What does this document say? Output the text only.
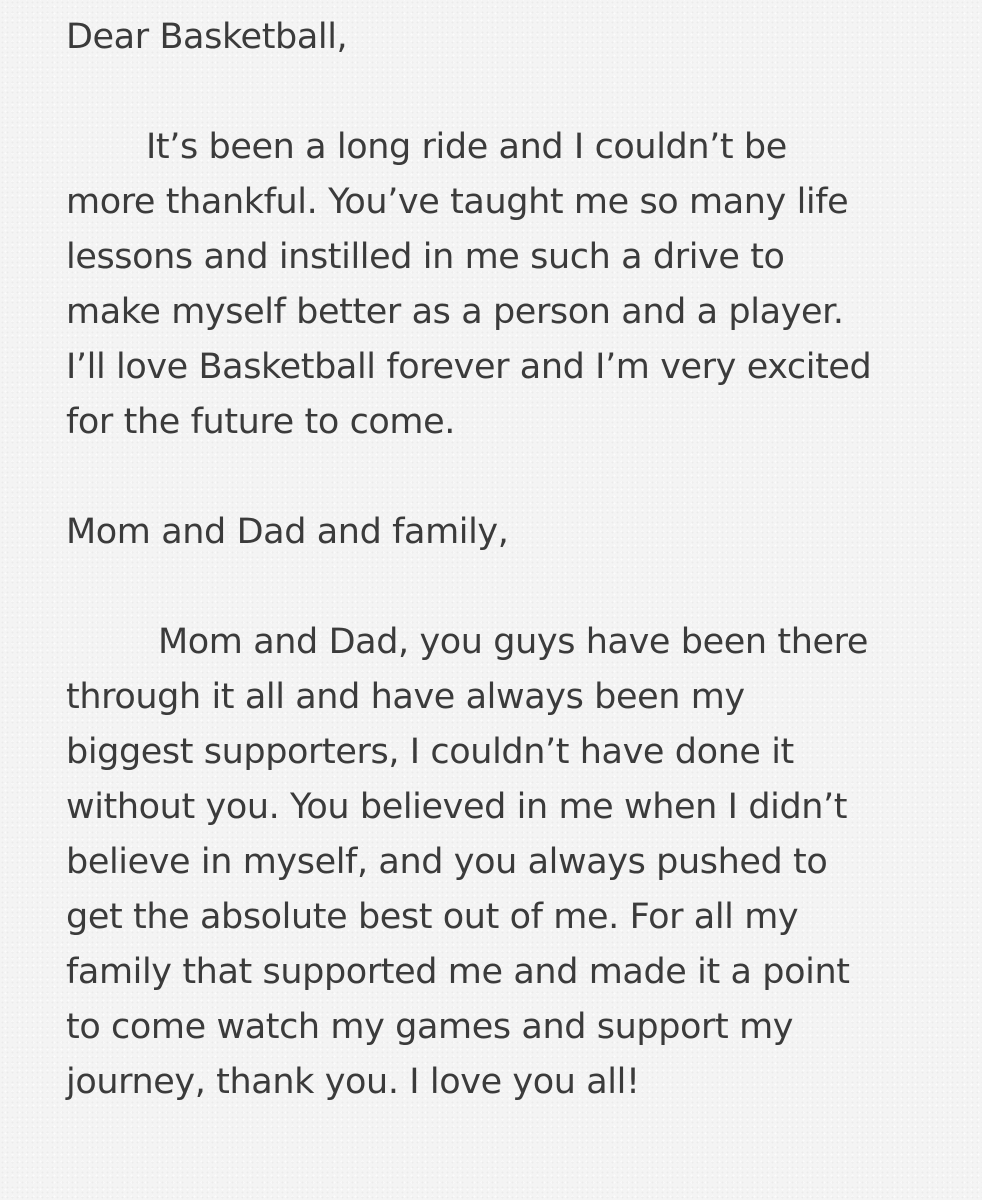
Dear Basketball,
It’s been a long ride and I couldn’t be
more thankful. You’ve taught me so many life
lessons and instilled in me such a drive to
make myself better as a person and a player.
I’ll love Basketball forever and I’m very excited
for the future to come.
Mom and Dad and family,
Mom and Dad, you guys have been there
through it all and have always been my
biggest supporters, I couldn’t have done it
without you. You believed in me when I didn’t
believe in myself, and you always pushed to
get the absolute best out of me. For all my
family that supported me and made it a point
to come watch my games and support my
journey, thank you. I love you all!
